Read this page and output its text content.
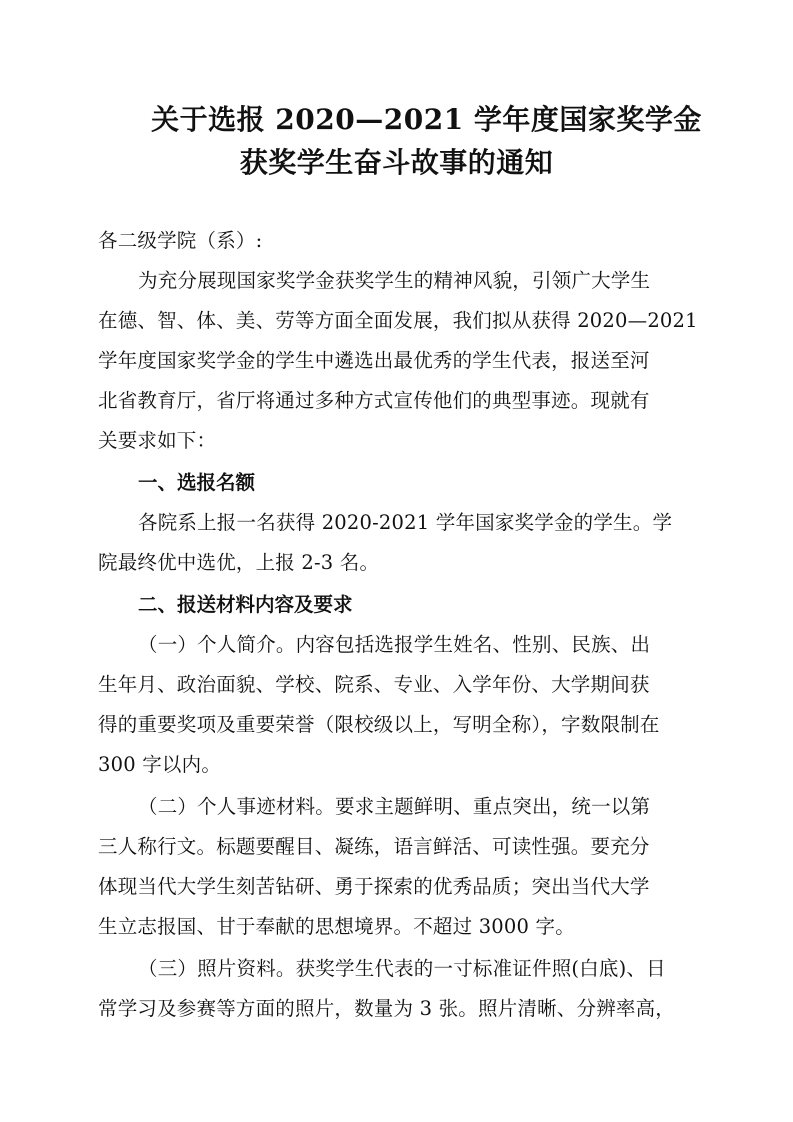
关于选报 2020—2021 学年度国家奖学金
获奖学生奋斗故事的通知
各二级学院（系）:
为充分展现国家奖学金获奖学生的精神风貌，引领广大学生
在德、智、体、美、劳等方面全面发展，我们拟从获得 2020—2021
学年度国家奖学金的学生中遴选出最优秀的学生代表，报送至河
北省教育厅，省厅将通过多种方式宣传他们的典型事迹。现就有
关要求如下：
一、选报名额
各院系上报一名获得 2020-2021 学年国家奖学金的学生。学
院最终优中选优，上报 2-3 名。
二、报送材料内容及要求
（一）个人简介。内容包括选报学生姓名、性别、民族、出
生年月、政治面貌、学校、院系、专业、入学年份、大学期间获
得的重要奖项及重要荣誉（限校级以上，写明全称），字数限制在
300 字以内。
（二）个人事迹材料。要求主题鲜明、重点突出，统一以第
三人称行文。标题要醒目、凝练，语言鲜活、可读性强。要充分
体现当代大学生刻苦钻研、勇于探索的优秀品质；突出当代大学
生立志报国、甘于奉献的思想境界。不超过 3000 字。
（三）照片资料。获奖学生代表的一寸标准证件照(白底)、日
常学习及参赛等方面的照片，数量为 3 张。照片清晰、分辨率高，
